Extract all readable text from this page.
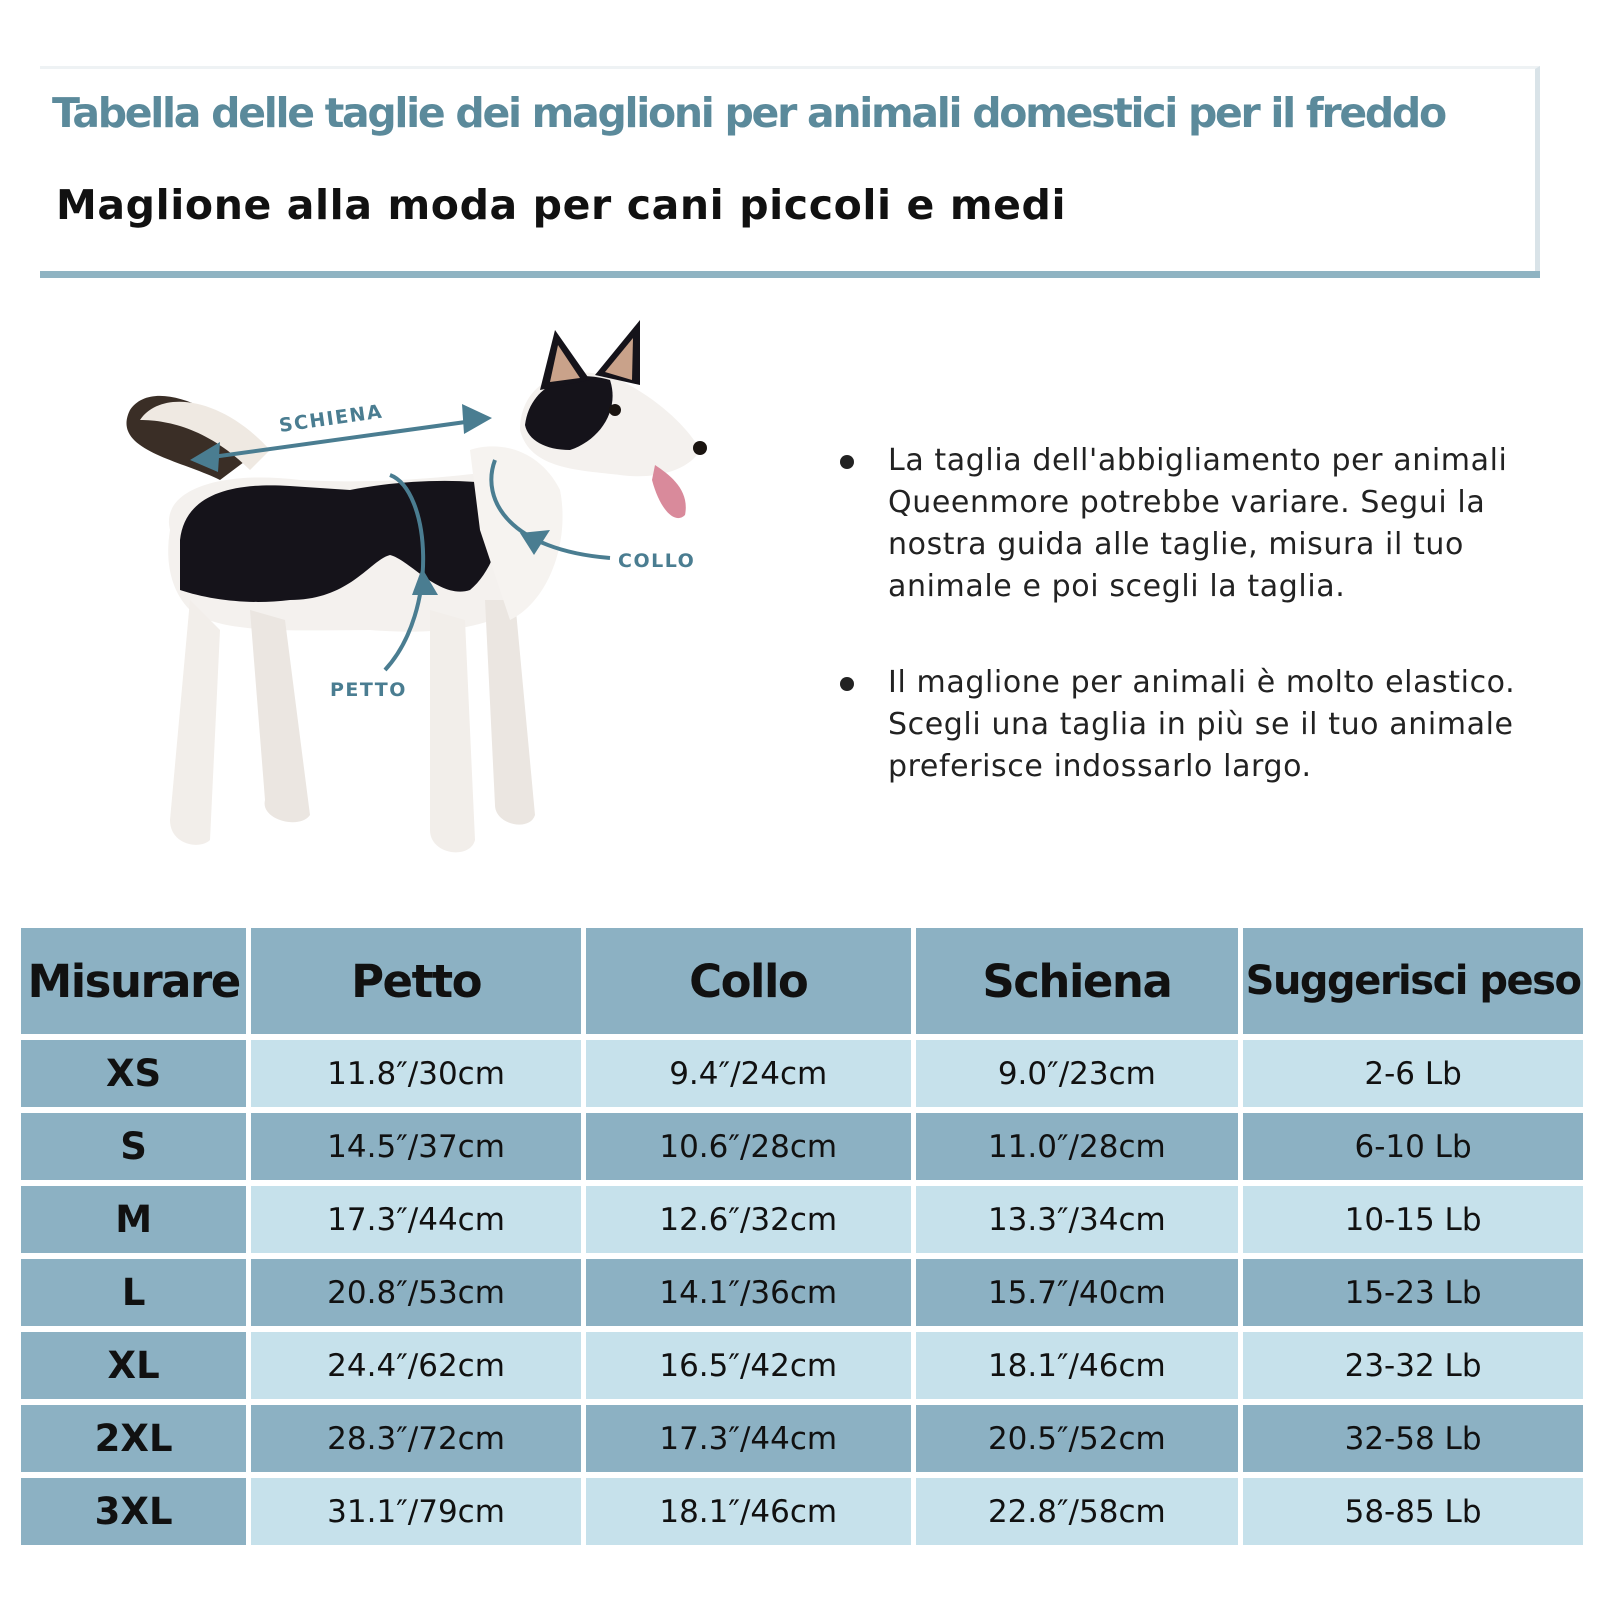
Tabella delle taglie dei maglioni per animali domestici per il freddo
Maglione alla moda per cani piccoli e medi
SCHIENA
COLLO
PETTO
La taglia dell'abbigliamento per animali Queenmore potrebbe variare. Segui la nostra guida alle taglie, misura il tuo animale e poi scegli la taglia.
Il maglione per animali è molto elastico. Scegli una taglia in più se il tuo animale preferisce indossarlo largo.
Misurare	Petto	Collo	Schiena	Suggerisci peso
XS	11.8″/30cm	9.4″/24cm	9.0″/23cm	2-6 Lb
S	14.5″/37cm	10.6″/28cm	11.0″/28cm	6-10 Lb
M	17.3″/44cm	12.6″/32cm	13.3″/34cm	10-15 Lb
L	20.8″/53cm	14.1″/36cm	15.7″/40cm	15-23 Lb
XL	24.4″/62cm	16.5″/42cm	18.1″/46cm	23-32 Lb
2XL	28.3″/72cm	17.3″/44cm	20.5″/52cm	32-58 Lb
3XL	31.1″/79cm	18.1″/46cm	22.8″/58cm	58-85 Lb
